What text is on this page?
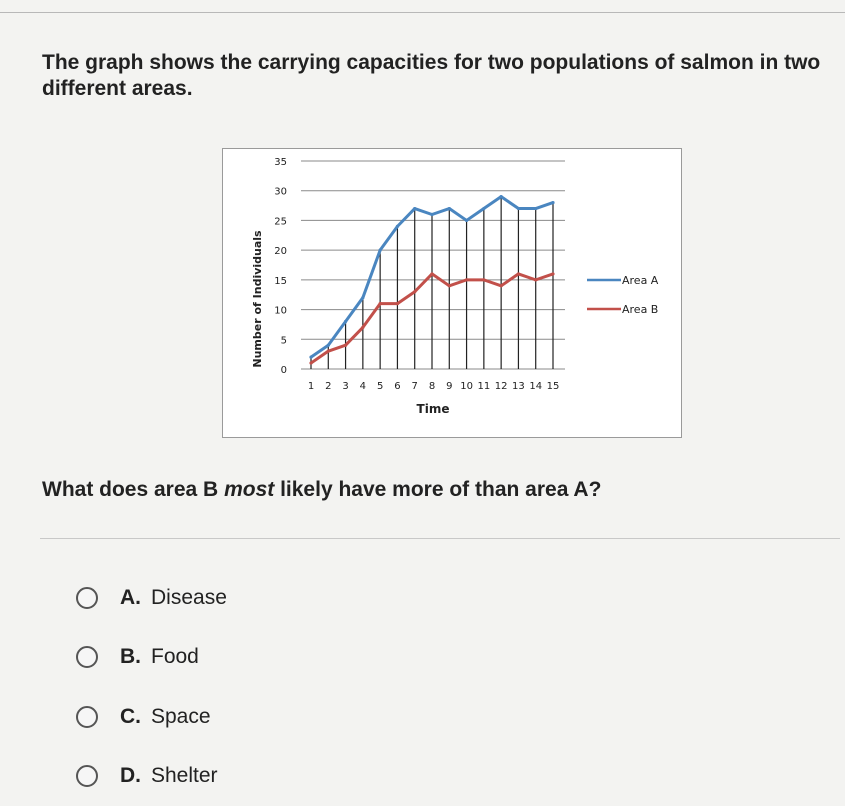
The graph shows the carrying capacities for two populations of salmon in two different areas.
0
5
10
15
20
25
30
35
1 2 3 4 5 6 7 8 9 10 11 12 13 14 15
Number of Individuals
Time
Area A
Area B
What does area B most likely have more of than area A?
A. Disease
B. Food
C. Space
D. Shelter
